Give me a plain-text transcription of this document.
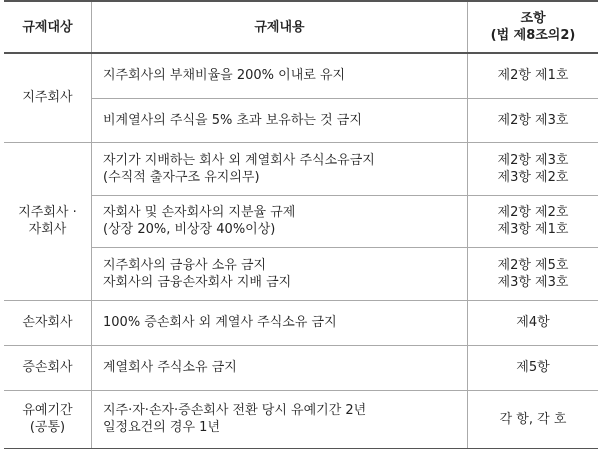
규제대상	규제내용	조항
(법 제8조의2)

지주회사	지주회사의 부채비율을 200% 이내로 유지	제2항 제1호
	비계열사의 주식을 5% 초과 보유하는 것 금지	제2항 제3호

지주회사 ·
자회사	자기가 지배하는 회사 외 계열회사 주식소유금지
(수직적 출자구조 유지의무)	제2항 제3호
제3항 제2호

	자회사 및 손자회사의 지분율 규제
(상장 20%, 비상장 40%이상)	제2항 제2호
제3항 제1호

	지주회사의 금융사 소유 금지
자회사의 금융손자회사 지배 금지	제2항 제5호
제3항 제3호

손자회사	100% 증손회사 외 계열사 주식소유 금지	제4항
증손회사	계열회사 주식소유 금지	제5항

유예기간
(공통)	지주·자·손자·증손회사 전환 당시 유예기간 2년
일정요건의 경우 1년	각 항, 각 호
